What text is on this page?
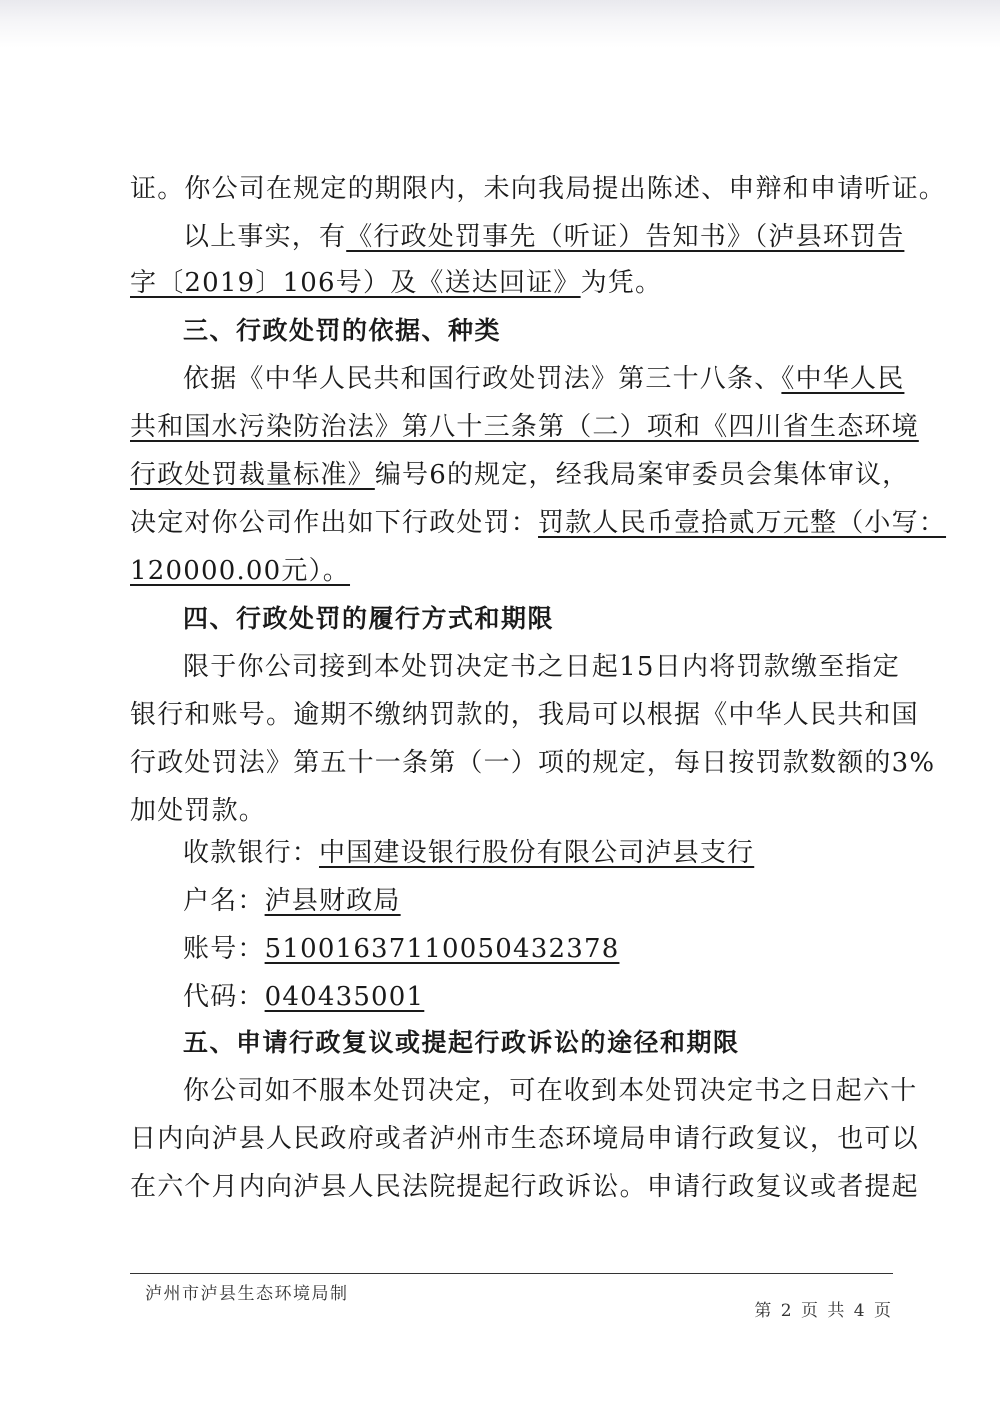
证。你公司在规定的期限内，未向我局提出陈述、申辩和申请听证。
以上事实，有《行政处罚事先（听证）告知书》（泸县环罚告
字〔2019〕106号）及《送达回证》为凭。
三、行政处罚的依据、种类
依据《中华人民共和国行政处罚法》第三十八条、《中华人民
共和国水污染防治法》第八十三条第（二）项和《四川省生态环境
行政处罚裁量标准》编号6的规定，经我局案审委员会集体审议，
决定对你公司作出如下行政处罚：罚款人民币壹拾贰万元整（小写：
120000.00元）。
四、行政处罚的履行方式和期限
限于你公司接到本处罚决定书之日起15日内将罚款缴至指定
银行和账号。逾期不缴纳罚款的，我局可以根据《中华人民共和国
行政处罚法》第五十一条第（一）项的规定，每日按罚款数额的3%
加处罚款。
收款银行：中国建设银行股份有限公司泸县支行
户名：泸县财政局
账号：51001637110050432378
代码：040435001
五、申请行政复议或提起行政诉讼的途径和期限
你公司如不服本处罚决定，可在收到本处罚决定书之日起六十
日内向泸县人民政府或者泸州市生态环境局申请行政复议，也可以
在六个月内向泸县人民法院提起行政诉讼。申请行政复议或者提起
泸州市泸县生态环境局制
第 2 页 共 4 页
